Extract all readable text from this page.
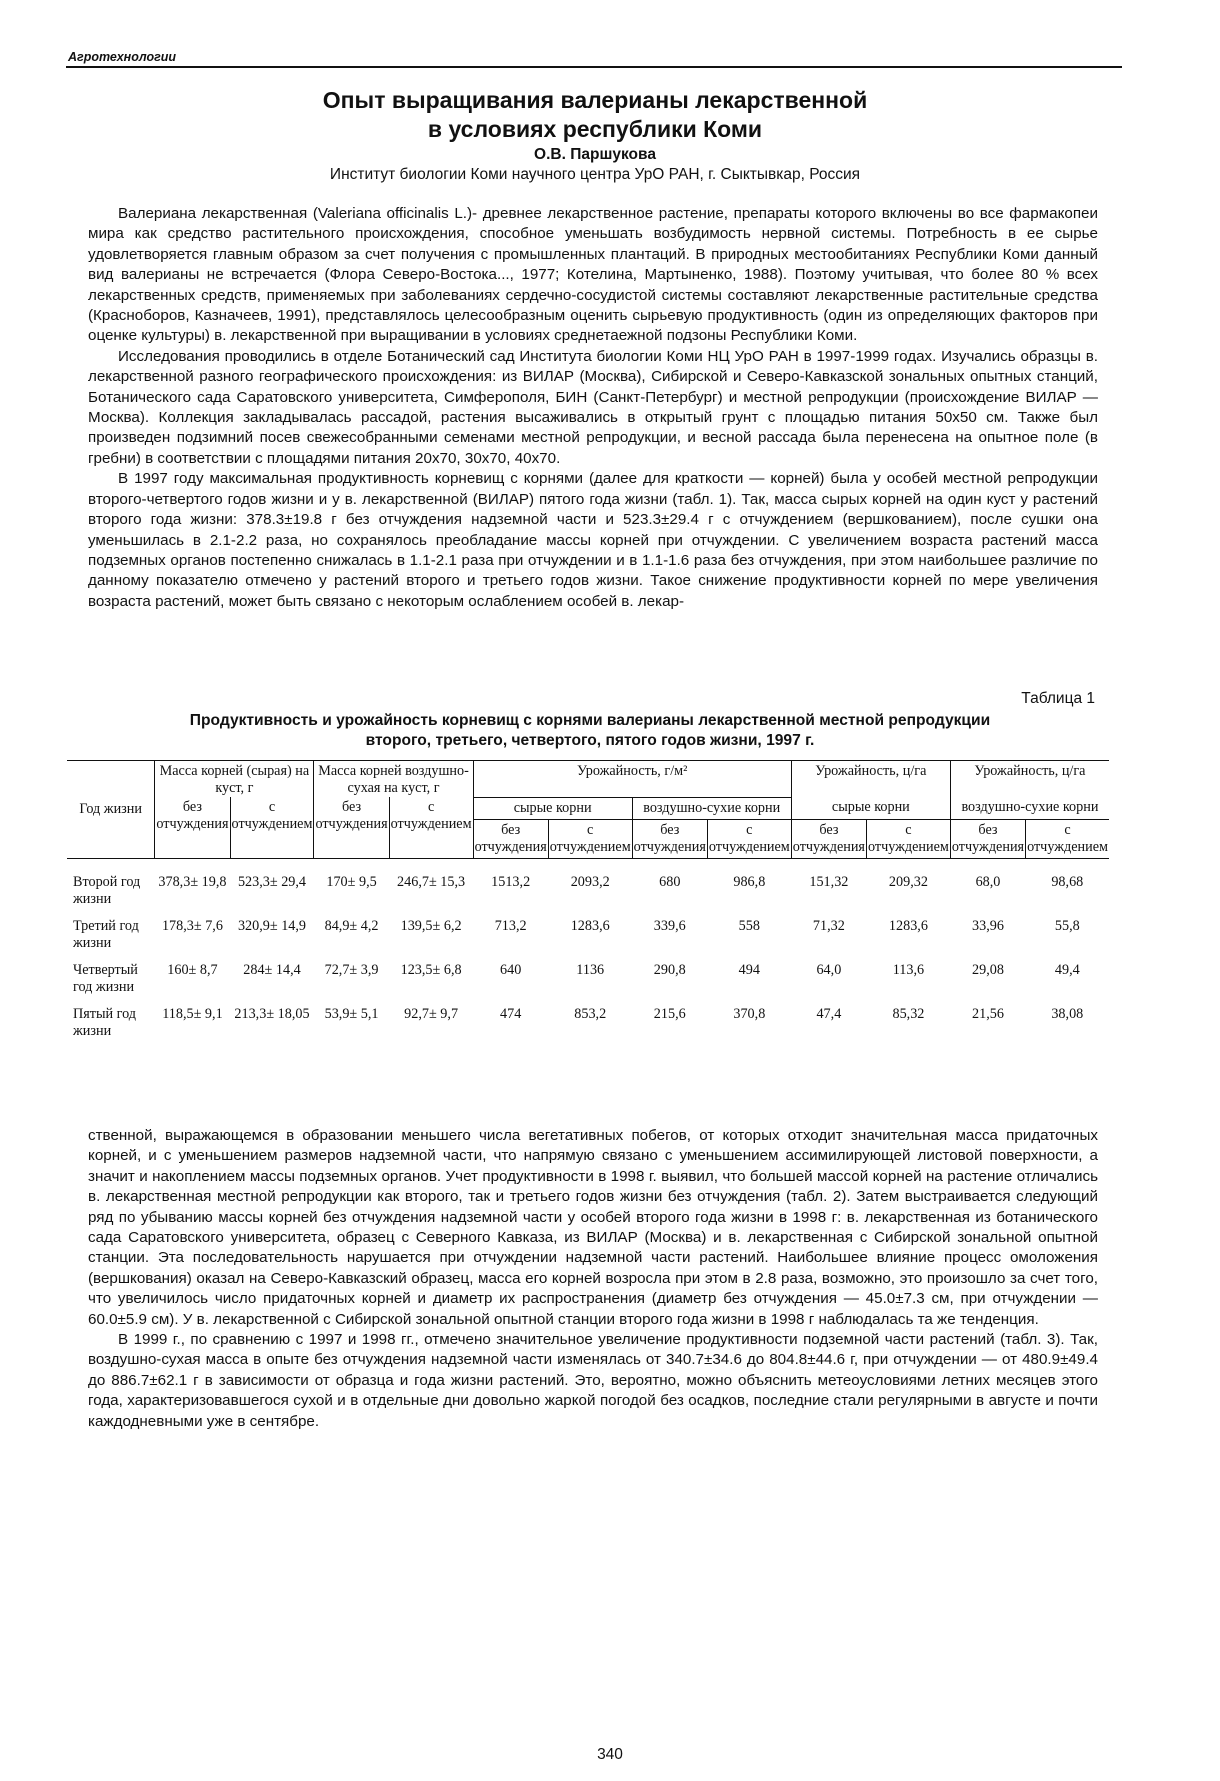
Агротехнологии
Опыт выращивания валерианы лекарственной
в условиях республики Коми
О.В. Паршукова
Институт биологии Коми научного центра УрО РАН, г. Сыктывкар, Россия

Валериана лекарственная (Valeriana officinalis L.)- древнее лекарственное растение, препараты которого включены во все фармакопеи мира как средство растительного происхождения, способное уменьшать возбудимость нервной системы. Потребность в ее сырье удовлетворяется главным образом за счет получения с промышленных плантаций. В природных местообитаниях Республики Коми данный вид валерианы не встречается (Флора Северо-Востока..., 1977; Котелина, Мартыненко, 1988). Поэтому учитывая, что более 80 % всех лекарственных средств, применяемых при заболеваниях сердечно-сосудистой системы составляют лекарственные растительные средства (Красноборов, Казначеев, 1991), представлялось целесообразным оценить сырьевую продуктивность (один из определяющих факторов при оценке культуры) в. лекарственной при выращивании в условиях среднетаежной подзоны Республики Коми.

Исследования проводились в отделе Ботанический сад Института биологии Коми НЦ УрО РАН в 1997-1999 годах. Изучались образцы в. лекарственной разного географического происхождения: из ВИЛАР (Москва), Сибирской и Северо-Кавказской зональных опытных станций, Ботанического сада Саратовского университета, Симферополя, БИН (Санкт-Петербург) и местной репродукции (происхождение ВИЛАР — Москва). Коллекция закладывалась рассадой, растения высаживались в открытый грунт с площадью питания 50х50 см. Также был произведен подзимний посев свежесобранными семенами местной репродукции, и весной рассада была перенесена на опытное поле (в гребни) в соответствии с площадями питания 20х70, 30х70, 40х70.

В 1997 году максимальная продуктивность корневищ с корнями (далее для краткости — корней) была у особей местной репродукции второго-четвертого годов жизни и у в. лекарственной (ВИЛАР) пятого года жизни (табл. 1). Так, масса сырых корней на один куст у растений второго года жизни: 378.3±19.8 г без отчуждения надземной части и 523.3±29.4 г с отчуждением (вершкованием), после сушки она уменьшилась в 2.1-2.2 раза, но сохранялось преобладание массы корней при отчуждении. С увеличением возраста растений масса подземных органов постепенно снижалась в 1.1-2.1 раза при отчуждении и в 1.1-1.6 раза без отчуждения, при этом наибольшее различие по данному показателю отмечено у растений второго и третьего годов жизни. Такое снижение продуктивности корней по мере увеличения возраста растений, может быть связано с некоторым ослаблением особей в. лекар-

Таблица 1
Продуктивность и урожайность корневищ с корнями валерианы лекарственной местной репродукции
второго, третьего, четвертого, пятого годов жизни, 1997 г.
Год жизни	Масса корней (сырая) на куст, г		Масса корней воздушно-сухая на куст, г		Урожайность, г/м²				Урожайность, ц/га		Урожайность, ц/га	
	без отчуждения	с отчуждением	без отчуждения	с отчуждением	сырые корни		воздушно-сухие корни		сырые корни		воздушно-сухие корни	
					без отчуждения	с отчуждением	без отчуждения	с отчуждением	без отчуждения	с отчуждением	без отчуждения	с отчуждением

Второй год жизни	378,3± 19,8	523,3± 29,4	170± 9,5	246,7± 15,3	1513,2	2093,2	680	986,8	151,32	209,32	68,0	98,68
Третий год жизни	178,3± 7,6	320,9± 14,9	84,9± 4,2	139,5± 6,2	713,2	1283,6	339,6	558	71,32	1283,6	33,96	55,8
Четвертый год жизни	160± 8,7	284± 14,4	72,7± 3,9	123,5± 6,8	640	1136	290,8	494	64,0	113,6	29,08	49,4
Пятый год жизни	118,5± 9,1	213,3± 18,05	53,9± 5,1	92,7± 9,7	474	853,2	215,6	370,8	47,4	85,32	21,56	38,08

ственной, выражающемся в образовании меньшего числа вегетативных побегов, от которых отходит значительная масса придаточных корней, и с уменьшением размеров надземной части, что напрямую связано с уменьшением ассимилирующей листовой поверхности, а значит и накоплением массы подземных органов. Учет продуктивности в 1998 г. выявил, что большей массой корней на растение отличались в. лекарственная местной репродукции как второго, так и третьего годов жизни без отчуждения (табл. 2). Затем выстраивается следующий ряд по убыванию массы корней без отчуждения надземной части у особей второго года жизни в 1998 г: в. лекарственная из ботанического сада Саратовского университета, образец с Северного Кавказа, из ВИЛАР (Москва) и в. лекарственная с Сибирской зональной опытной станции. Эта последовательность нарушается при отчуждении надземной части растений. Наибольшее влияние процесс омоложения (вершкования) оказал на Северо-Кавказский образец, масса его корней возросла при этом в 2.8 раза, возможно, это произошло за счет того, что увеличилось число придаточных корней и диаметр их распространения (диаметр без отчуждения — 45.0±7.3 см, при отчуждении — 60.0±5.9 см). У в. лекарственной с Сибирской зональной опытной станции второго года жизни в 1998 г наблюдалась та же тенденция.

В 1999 г., по сравнению с 1997 и 1998 гг., отмечено значительное увеличение продуктивности подземной части растений (табл. 3). Так, воздушно-сухая масса в опыте без отчуждения надземной части изменялась от 340.7±34.6 до 804.8±44.6 г, при отчуждении — от 480.9±49.4 до 886.7±62.1 г в зависимости от образца и года жизни растений. Это, вероятно, можно объяснить метеоусловиями летних месяцев этого года, характеризовавшегося сухой и в отдельные дни довольно жаркой погодой без осадков, последние стали регулярными в августе и почти каждодневными уже в сентябре.

340
